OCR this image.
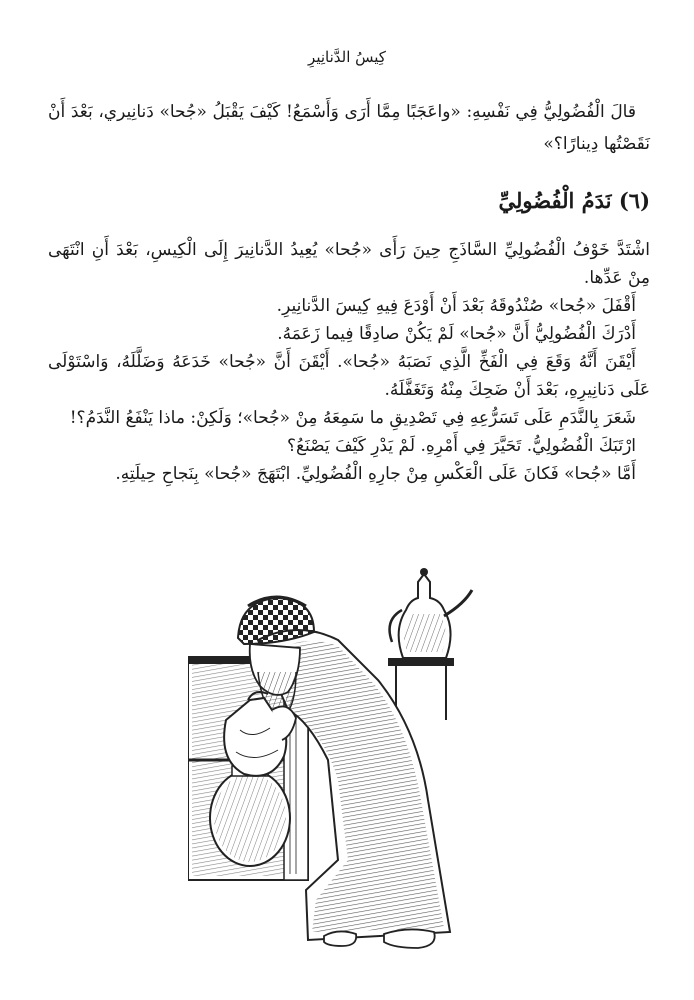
كِيسُ الدَّنانِيرِ

قالَ الْفُضُولِيُّ فِي نَفْسِهِ: «واعَجَبًا مِمَّا أَرَى وَأَسْمَعُ! كَيْفَ يَقْبَلُ «جُحا» دَنانِيري، بَعْدَ أَنْ نَقَصْتُها دِينارًا؟»

(٦) نَدَمُ الْفُضُولِيِّ

اشْتَدَّ خَوْفُ الْفُضُولِيِّ السَّاذَجِ حِينَ رَأَى «جُحا» يُعِيدُ الدَّنانِيرَ إِلَى الْكِيسِ، بَعْدَ أَنِ انْتَهَى مِنْ عَدِّها.

أَقْفَلَ «جُحا» صُنْدُوقَهُ بَعْدَ أَنْ أَوْدَعَ فِيهِ كِيسَ الدَّنانِيرِ.

أَدْرَكَ الْفُضُولِيُّ أَنَّ «جُحا» لَمْ يَكُنْ صادِقًا فِيما زَعَمَهُ.

أَيْقَنَ أَنَّهُ وَقَعَ فِي الْفَخِّ الَّذِي نَصَبَهُ «جُحا». أَيْقَنَ أَنَّ «جُحا» خَدَعَهُ وَضَلَّلَهُ، وَاسْتَوْلَى عَلَى دَنانِيرِهِ، بَعْدَ أَنْ ضَحِكَ مِنْهُ وَتَغَفَّلَهُ.

شَعَرَ بِالنَّدَمِ عَلَى تَسَرُّعِهِ فِي تَصْدِيقِ ما سَمِعَهُ مِنْ «جُحا»؛ وَلَكِنْ: ماذا يَنْفَعُ النَّدَمُ؟!

ارْتَبَكَ الْفُضُولِيُّ. تَحَيَّرَ فِي أَمْرِهِ. لَمْ يَدْرِ كَيْفَ يَصْنَعُ؟

أَمَّا «جُحا» فَكانَ عَلَى الْعَكْسِ مِنْ جارِهِ الْفُضُولِيِّ. ابْتَهَجَ «جُحا» بِنَجاحِ حِيلَتِهِ.
